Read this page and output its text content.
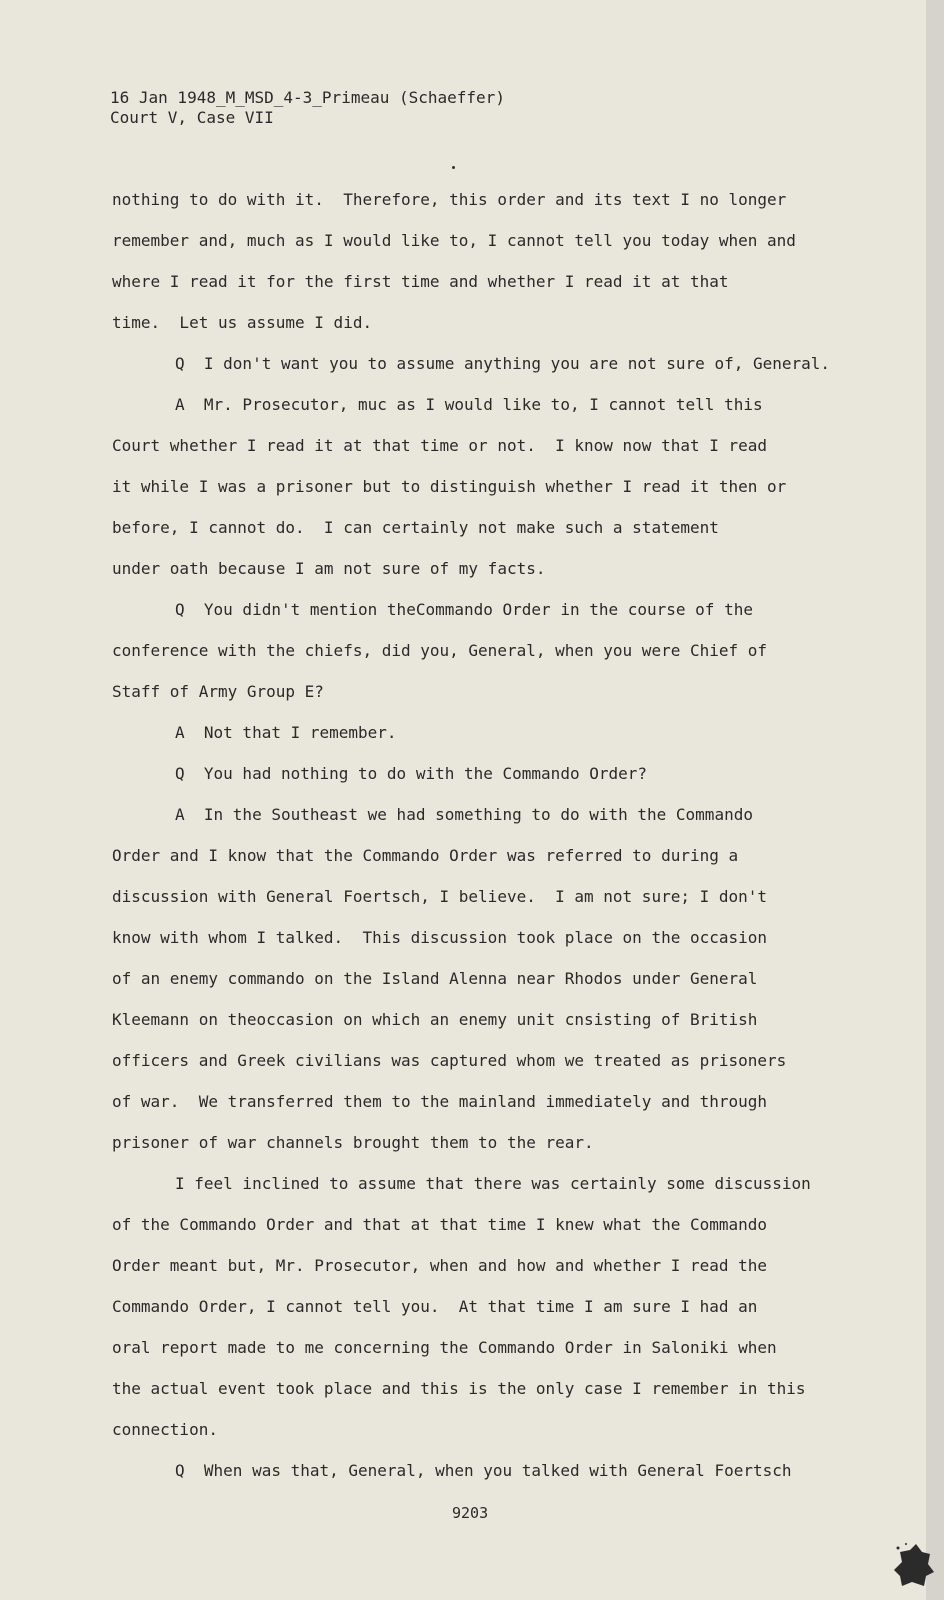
16 Jan 1948_M_MSD_4-3_Primeau (Schaeffer)
Court V, Case VII
nothing to do with it.  Therefore, this order and its text I no longer
remember and, much as I would like to, I cannot tell you today when and
where I read it for the first time and whether I read it at that
time.  Let us assume I did.
Q  I don't want you to assume anything you are not sure of, General.
A  Mr. Prosecutor, muc as I would like to, I cannot tell this
Court whether I read it at that time or not.  I know now that I read
it while I was a prisoner but to distinguish whether I read it then or
before, I cannot do.  I can certainly not make such a statement
under oath because I am not sure of my facts.
Q  You didn't mention theCommando Order in the course of the
conference with the chiefs, did you, General, when you were Chief of
Staff of Army Group E?
A  Not that I remember.
Q  You had nothing to do with the Commando Order?
A  In the Southeast we had something to do with the Commando
Order and I know that the Commando Order was referred to during a
discussion with General Foertsch, I believe.  I am not sure; I don't
know with whom I talked.  This discussion took place on the occasion
of an enemy commando on the Island Alenna near Rhodos under General
Kleemann on theoccasion on which an enemy unit cnsisting of British
officers and Greek civilians was captured whom we treated as prisoners
of war.  We transferred them to the mainland immediately and through
prisoner of war channels brought them to the rear.
I feel inclined to assume that there was certainly some discussion
of the Commando Order and that at that time I knew what the Commando
Order meant but, Mr. Prosecutor, when and how and whether I read the
Commando Order, I cannot tell you.  At that time I am sure I had an
oral report made to me concerning the Commando Order in Saloniki when
the actual event took place and this is the only case I remember in this
connection.
Q  When was that, General, when you talked with General Foertsch
9203
